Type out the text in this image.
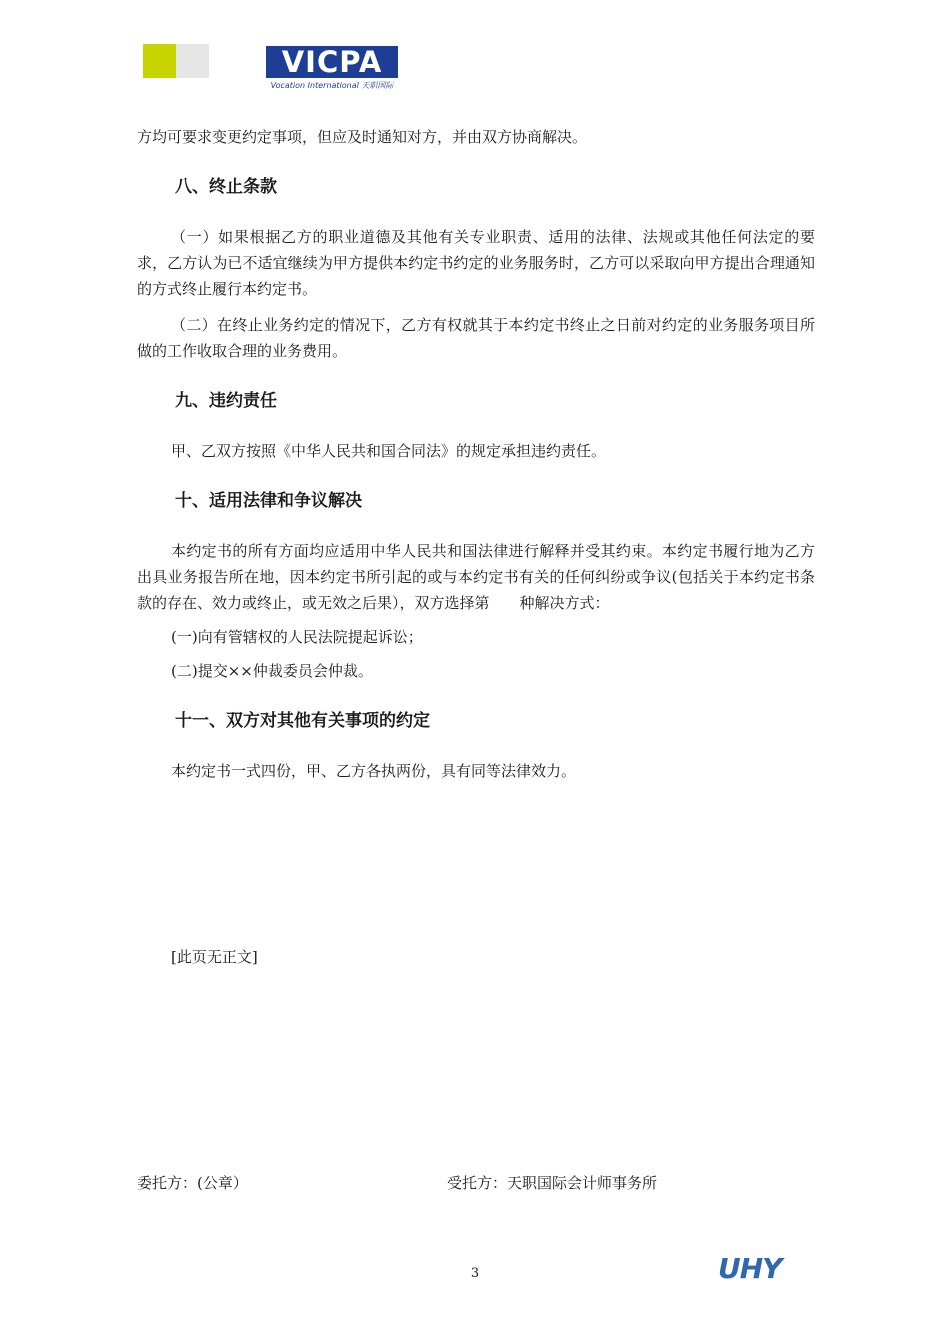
VICPA
Vocation International 天职国际

方均可要求变更约定事项，但应及时通知对方，并由双方协商解决。

八、终止条款

（一）如果根据乙方的职业道德及其他有关专业职责、适用的法律、法规或其他任何法定的要求，乙方认为已不适宜继续为甲方提供本约定书约定的业务服务时，乙方可以采取向甲方提出合理通知的方式终止履行本约定书。

（二）在终止业务约定的情况下，乙方有权就其于本约定书终止之日前对约定的业务服务项目所做的工作收取合理的业务费用。

九、违约责任

甲、乙双方按照《中华人民共和国合同法》的规定承担违约责任。

十、适用法律和争议解决

本约定书的所有方面均应适用中华人民共和国法律进行解释并受其约束。本约定书履行地为乙方出具业务报告所在地，因本约定书所引起的或与本约定书有关的任何纠纷或争议(包括关于本约定书条款的存在、效力或终止，或无效之后果），双方选择第　　种解决方式：

(一)向有管辖权的人民法院提起诉讼；

(二)提交××仲裁委员会仲裁。

十一、双方对其他有关事项的约定

本约定书一式四份，甲、乙方各执两份，具有同等法律效力。

[此页无正文]

委托方：(公章）	受托方：天职国际会计师事务所
3	UHY
